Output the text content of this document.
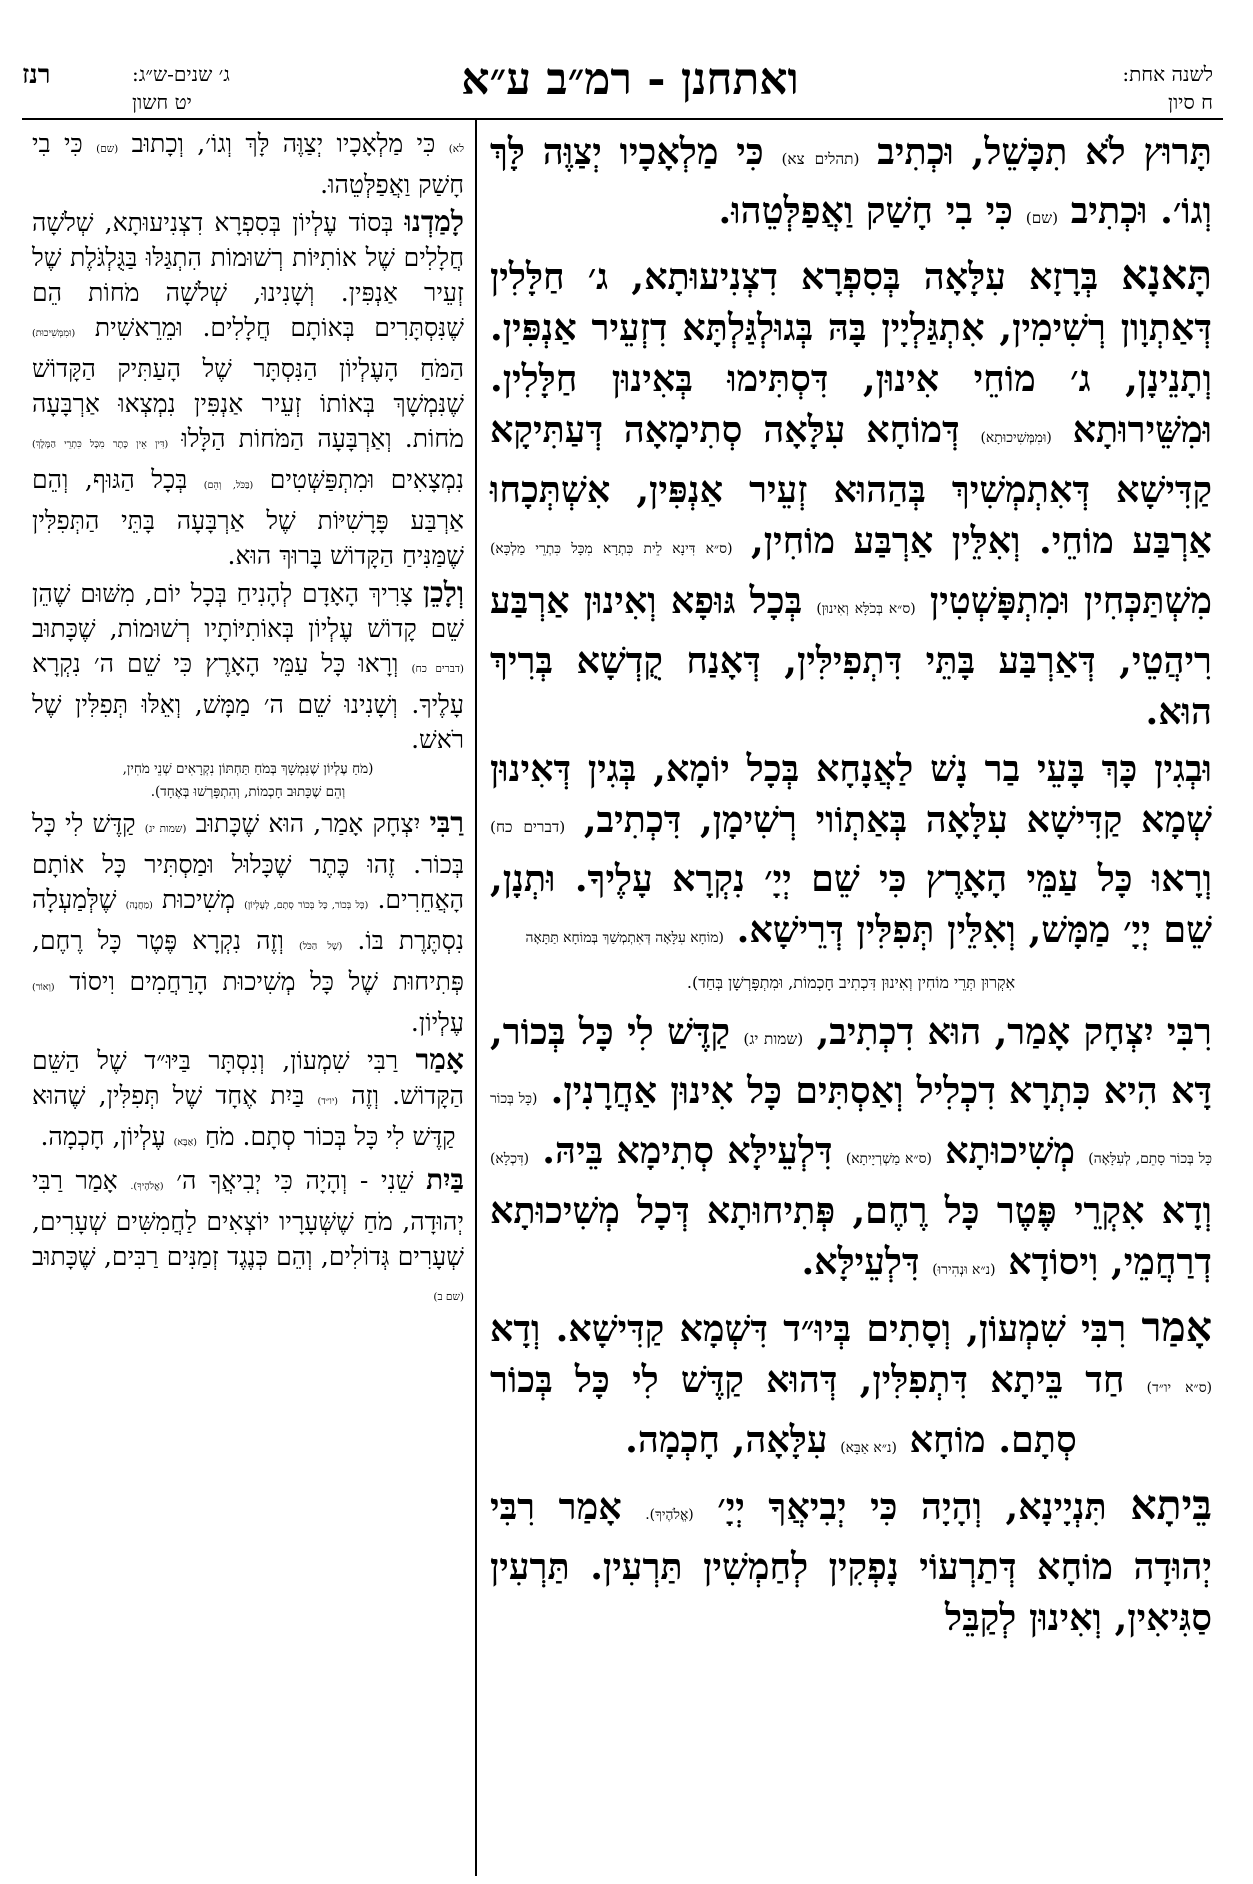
רנז	ג׳ שנים-ש״ג:
יט חשון	ואתחנן - רמ״ב ע״א	לשנה אחת:
ח סיון

תָּרוּץ לֹא תִכָּשֵׁל, וּכְתִיב (תהלים צא) כִּי מַלְאָכָיו יְצַוֶּה לָּךְ וְגוֹ׳. וּכְתִיב (שם) כִּי בִי חָשַׁק וַאֲפַלְּטֵהוּ.

תָּאנָא בְּרָזָא עִלָּאָה בְּסִפְרָא דִצְנִיעוּתָא, ג׳ חַלָּלִין דְּאַתְוָון רְשִׁימִין, אִתְגַּלְיָין בָּהּ בְּגוּלְגַּלְתָּא דִזְעֵיר אַנְפִּין. וְתָנֵינָן, ג׳ מוֹחֵי אִינוּן, דִּסְתִּימוּ בְּאִינוּן חַלָּלִין. וּמִשֵּׁירוּתָא (וּמִמְּשִׁיכוּתָא) דְּמוֹחָא עִלָּאָה סְתִימָאָה דְּעַתִּיקָא קַדִּישָׁא דְּאִתְמְשִׁיךְ בְּהַהוּא זְעֵיר אַנְפִּין, אִשְׁתְּכָחוּ אַרְבַּע מוֹחֵי. וְאִלֵּין אַרְבַּע מוֹחִין, (ס״א דִּינָא לֵית כִּתְרָא מִכָּל כִּתְרֵי מַלְכָּא) מִשְׁתַּכְּחִין וּמִתְפָּשְׁטִין (ס״א בְּכֹלָּא וְאִינוּן) בְּכָל גּוּפָא וְאִינוּן אַרְבַּע רִיהֲטֵי, דְּאַרְבַּע בָּתֵּי דִּתְפִילִּין, דְּאָנַח קֻדְשָׁא בְּרִיךְ הוּא.

וּבְגִין כָּךְ בָּעֵי בַר נָשׁ לַאֲנָחָא בְּכָל יוֹמָא, בְּגִין דְּאִינוּן שְׁמָא קַדִּישָׁא עִלָּאָה בְּאַתְוֹוי רְשִׁימָן, דִּכְתִיב, (דברים כח) וְרָאוּ כָּל עַמֵּי הָאָרֶץ כִּי שֵׁם יְיָ׳ נִקְרָא עָלֶיךָ. וּתְנָן, שֵׁם יְיָ׳ מַמָּשׁ, וְאִלֵּין תְּפִלִּין דְּרֵישָׁא. (מוֹחָא עִלָּאָה דְּאִתְמְשַׁךְ בְּמוֹחָא תַּתָּאָה

אִקְרוּן תְּרֵי מוֹחִין וְאִינוּן דִּכְתִיב חָכְמוֹת, וּמִתְפָּרְשָׁן בְּחַד).

רִבִּי יִצְחָק אָמַר, הוּא דִכְתִיב, (שמות יג) קַדֶּשׁ לִי כָּל בְּכוֹר, דָּא הִיא כִּתְרָא דִכְלִיל וְאַסְתִּים כָּל אִינוּן אַחֲרָנִין. (כָּל בְּכוֹר כָּל בְּכוֹר סָתֵם, לְעִלָּאָה) מְשִׁיכוּתָא (ס״א מַשְׁרְיָיתָא) דִּלְעֵילָּא סְתִימָא בֵּיהּ. (דִּכְלָא) וְדָא אִקְרֵי פֶּטֶר כָּל רֶחֶם, פְּתִיחוּתָא דְּכָל מְשִׁיכוּתָא דְרַחֲמֵי, וִיסוֹדָא (נ״א וּנְהִירוּ) דִּלְעֵילָּא.

אָמַר רִבִּי שִׁמְעוֹן, וְסָתִים בְּיוּ״ד דִּשְׁמָא קַדִּישָׁא. וְדָא (ס״א יו״ד) חַד בֵּיתָא דִּתְפִלִּין, דְּהוּא קַדֶּשׁ לִי כָּל בְּכוֹר סְתָם. מוֹחָא (נ״א אַבָּא) עִלָּאָה, חָכְמָה.

בֵּיתָא תִּנְיָינָא, וְהָיָה כִּי יְבִיאֲךָ יְיָ׳ (אֱלֹהֶיךָ). אָמַר רִבִּי יְהוּדָה מוֹחָא דְּתַרְעוֹי נָפְקִין לְחַמְשִׁין תַּרְעִין. תַּרְעִין סַגִּיאִין, וְאִינוּן לְקַבֵּל

לא) כִּי מַלְאָכָיו יְצַוֶּה לָּךְ וְגוֹ׳, וְכָתוּב (שם) כִּי בִי חָשַׁק וַאֲפַלְּטֵהוּ.

לָמַדְנוּ בְּסוֹד עֶלְיוֹן בְּסִפְרָא דִצְנִיעוּתָא, שְׁלֹשָׁה חֲלָלִים שֶׁל אוֹתִיּוֹת רְשׁוּמוֹת הִתְגַּלּוּ בַּגֻּלְגֹּלֶת שֶׁל זְעֵיר אַנְפִּין. וְשָׁנִינוּ, שְׁלֹשָׁה מֹחוֹת הֵם שֶׁנִּסְתָּרִים בְּאוֹתָם חֲלָלִים. וּמֵרֵאשִׁית (וּמִמְּשִׁיכוּת) הַמֹּחַ הָעֶלְיוֹן הַנִּסְתָּר שֶׁל הָעַתִּיק הַקָּדוֹשׁ שֶׁנִּמְשָׁךְ בְּאוֹתוֹ זְעֵיר אַנְפִּין נִמְצְאוּ אַרְבָּעָה מֹחוֹת. וְאַרְבָּעָה הַמֹּחוֹת הַלָּלוּ (דִּין אֵין כֶּתֶר מִכָּל כִּתְרֵי הַמֶּלֶךְ) נִמְצָאִים וּמִתְפַּשְּׁטִים (בַּכֹּל, וְהֵם) בְּכָל הַגּוּף, וְהֵם אַרְבַּע פָּרָשִׁיּוֹת שֶׁל אַרְבָּעָה בָּתֵּי הַתְּפִלִּין שֶׁמַּנִּיחַ הַקָּדוֹשׁ בָּרוּךְ הוּא.

וְלָכֵן צָרִיךְ הָאָדָם לְהָנִיחַ בְּכָל יוֹם, מִשּׁוּם שֶׁהֵן שֵׁם קָדוֹשׁ עֶלְיוֹן בְּאוֹתִיּוֹתָיו רְשׁוּמוֹת, שֶׁכָּתוּב (דברים כח) וְרָאוּ כָּל עַמֵּי הָאָרֶץ כִּי שֵׁם ה׳ נִקְרָא עָלֶיךָ. וְשָׁנִינוּ שֵׁם ה׳ מַמָּשׁ, וְאֵלּוּ תְּפִלִּין שֶׁל רֹאשׁ.

(מֹחַ עֶלְיוֹן שֶׁנִּמְשָׁךְ בְּמֹחַ תַּחְתּוֹן נִקְרָאִים שְׁנֵי מֹחִין,

וְהֵם שֶׁכָּתוּב חָכְמוֹת, וְהִתְפָּרְשׁוּ בְּאֶחָד).

רַבִּי יִצְחָק אָמַר, הוּא שֶׁכָּתוּב (שמות יג) קַדֶּשׁ לִי כָּל בְּכוֹר. זֶהוּ כֶּתֶר שֶׁכָּלוּל וּמַסְתִּיר כָּל אוֹתָם הָאֲחֵרִים. (כָּל בְּכוֹר, כָּל בְּכוֹר סְתָם, לָעֶלְיוֹן) מְשִׁיכוּת (מַחֲנֶה) שֶׁלְּמַעְלָה נִסְתֶּרֶת בּוֹ. (שֶׁל הַכֹּל) וְזֶה נִקְרָא פֶּטֶר כָּל רֶחֶם, פְּתִיחוּת שֶׁל כָּל מְשִׁיכוּת הָרַחֲמִים וִיסוֹד (וְאוֹר) עֶלְיוֹן.

אָמַר רַבִּי שִׁמְעוֹן, וְנִסְתָּר בַּיּוּ״ד שֶׁל הַשֵּׁם הַקָּדוֹשׁ. וְזֶה (יו״ד) בַּיִת אֶחָד שֶׁל תְּפִלִּין, שֶׁהוּא קַדֶּשׁ לִי כָּל בְּכוֹר סְתָם. מֹחַ (אַבָּא) עֶלְיוֹן, חָכְמָה.

בַּיִת שֵׁנִי - וְהָיָה כִּי יְבִיאֲךָ ה׳ (אֱלֹהֶיךָ). אָמַר רַבִּי יְהוּדָה, מֹחַ שֶׁשְּׁעָרָיו יוֹצְאִים לַחֲמִשִּׁים שְׁעָרִים, שְׁעָרִים גְּדוֹלִים, וְהֵם כְּנֶגֶד זְמַנִּים רַבִּים, שֶׁכָּתוּב (שם ב)
